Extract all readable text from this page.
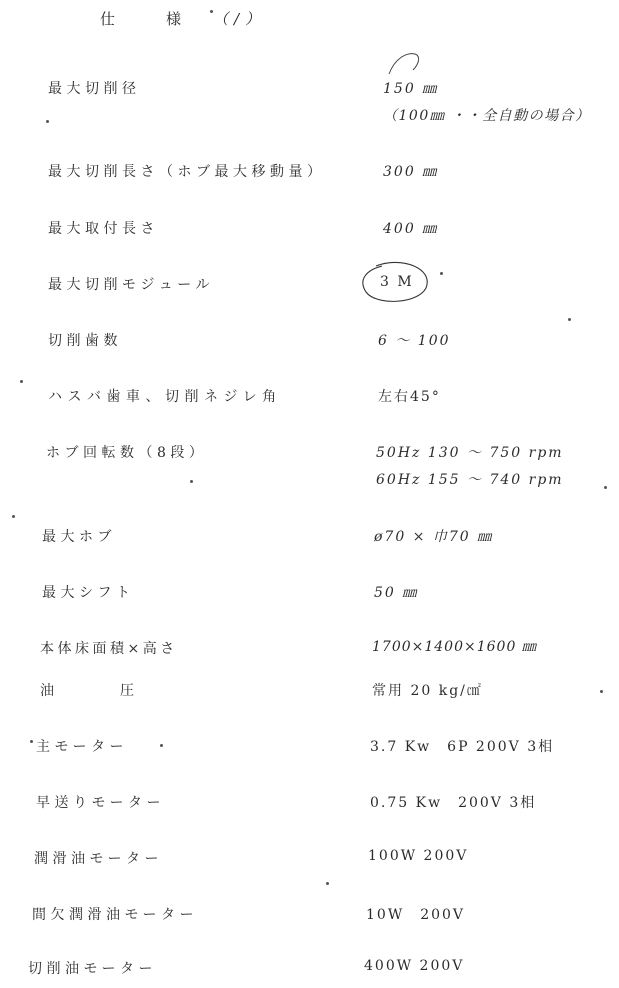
仕　様 （/）
最大切削径	150 ㎜
（100㎜ ・・全自動の場合）
最大切削長さ（ホブ最大移動量）	300 ㎜
最大取付長さ	400 ㎜
最大切削モジュール	3 M
切削歯数	6 ～ 100
ハスバ歯車、切削ネジレ角	左右45°
ホブ回転数（8段）	50Hz 130 ～ 750 rpm
60Hz 155 ～ 740 rpm
最大ホブ	ø70 × 巾70 ㎜
最大シフト	50 ㎜
本体床面積×高さ	1700×1400×1600 ㎜
油　　　圧	常用 20 kg/㎠
主モーター	3.7 Kw　6P 200V 3相
早送りモーター	0.75 Kw　200V 3相
潤滑油モーター	100W 200V
間欠潤滑油モーター	10W　200V
切削油モーター	400W 200V
